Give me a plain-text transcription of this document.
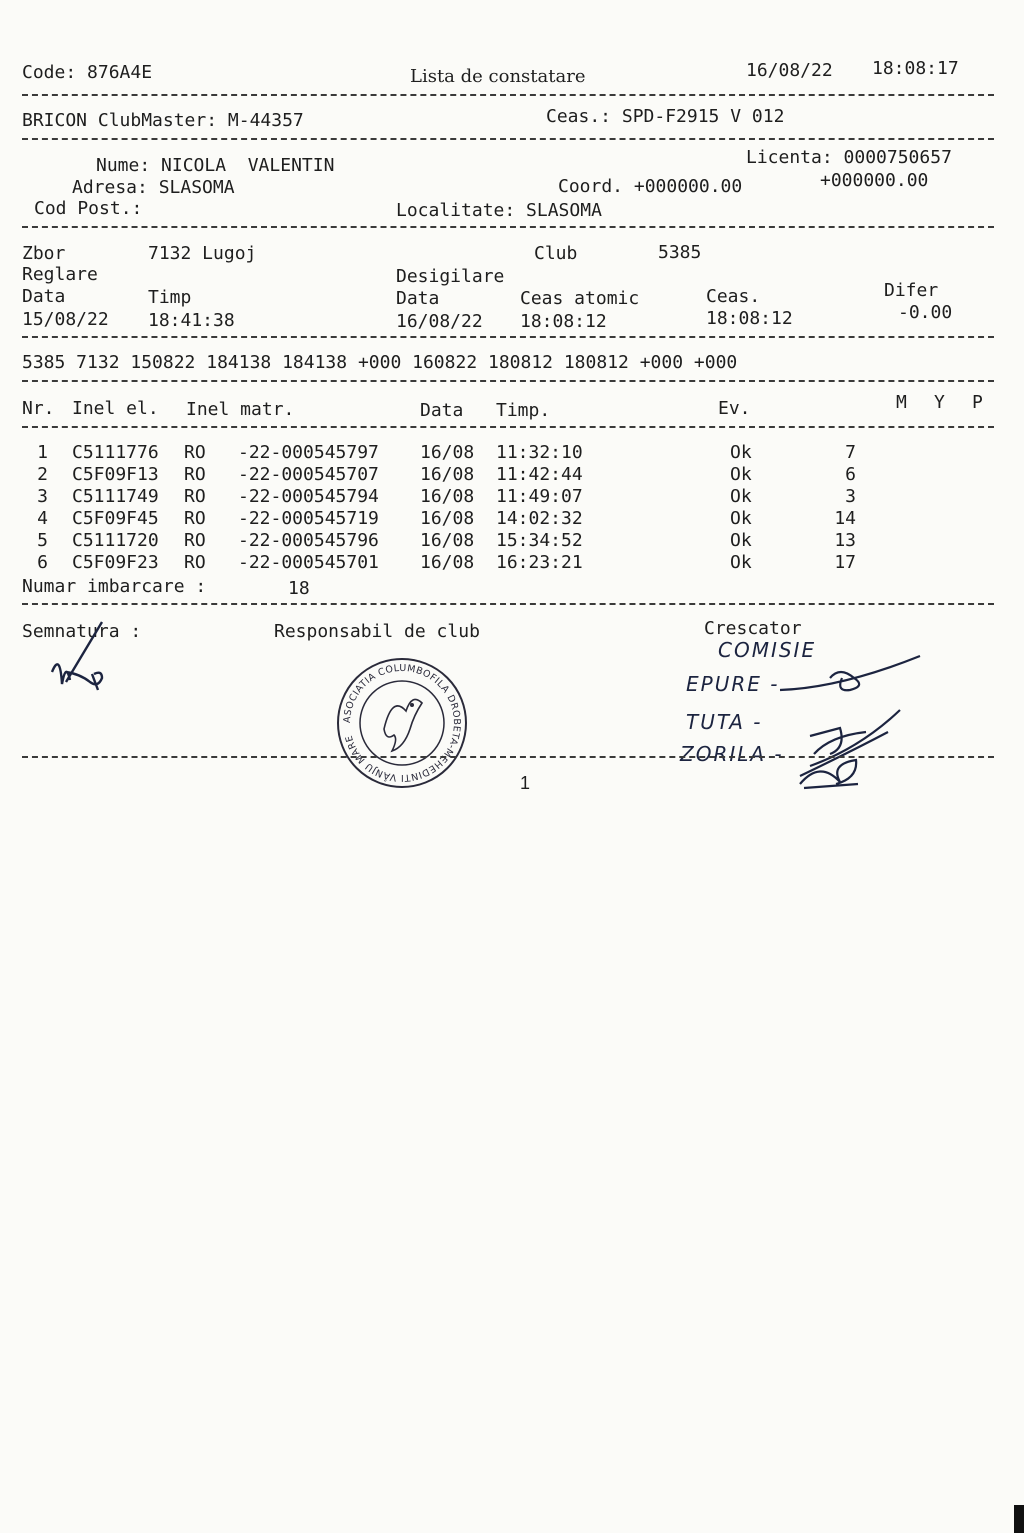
Code: 876A4E	Lista de constatare	16/08/22 18:08:17
BRICON ClubMaster: M-44357	Ceas.: SPD-F2915 V 012
Nume: NICOLA  VALENTIN	Licenta: 0000750657
Adresa: SLASOMA	Coord. +000000.00	+000000.00
Cod Post.:	Localitate: SLASOMA
Zbor	7132 Lugoj	Club	5385
Reglare	Desigilare
Data	Timp	Data	Ceas atomic	Ceas.	Difer
15/08/22 18:41:38	16/08/22 18:08:12	18:08:12	-0.00
5385 7132 150822 184138 184138 +000 160822 180812 180812 +000 +000
Nr. Inel el. Inel matr.	Data Timp.	Ev.	M Y P
1 C5111776 RO -22-000545797 16/08 11:32:10	Ok	7
2 C5F09F13 RO -22-000545707 16/08 11:42:44	Ok	6
3 C5111749 RO -22-000545794 16/08 11:49:07	Ok	3
4 C5F09F45 RO -22-000545719 16/08 14:02:32	Ok	14
5 C5111720 RO -22-000545796 16/08 15:34:52	Ok	13
6 C5F09F23 RO -22-000545701 16/08 16:23:21	Ok	17
Numar imbarcare :	18
Semnatura :	Responsabil de club	Crescator
COMISIE
EPURE -
TUTA -
ZORILA -
ASOCIATIA COLUMBOFILA DROBETA-MEHEDINTI VÂNJU MARE
1
